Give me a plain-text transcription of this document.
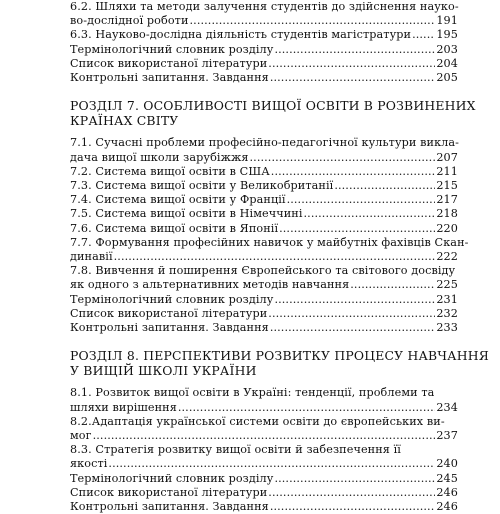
6.2. Шляхи та методи залучення студентів до здійснення науко-
во-дослідної роботи .....	191
6.3. Науково-дослідна діяльність студентів магістратури ..... 195
Термінологічний словник розділу .....	203
Список використаної літератури .....	204
Контрольні запитання. Завдання .....	205
РОЗДІЛ 7. ОСОБЛИВОСТІ ВИЩОЇ ОСВІТИ В РОЗВИНЕНИХ
КРАЇНАХ СВІТУ
7.1. Сучасні проблеми професійно-педагогічної культури виклa-
дача вищої школи зарубіжжя .....	207
7.2. Система вищої освіти в США .....	211
7.3. Система вищої освіти у Великобританії .....	215
7.4. Система вищої освіти у Франції .....	217
7.5. Система вищої освіти в Німеччині .....	218
7.6. Система вищої освіти в Японії .....	220
7.7. Формування професійних навичок у майбутніх фахівців Скан-
динавії .....	222
7.8. Вивчення й поширення Європейського та світового досвіду
як одного з альтернативних методів навчання .....	225
Термінологічний словник розділу .....	231
Список використаної літератури .....	232
Контрольні запитання. Завдання .....	233
РОЗДІЛ 8. ПЕРСПЕКТИВИ РОЗВИТКУ ПРОЦЕСУ НАВЧАННЯ
У ВИЩІЙ ШКОЛІ УКРАЇНИ
8.1. Розвиток вищої освіти в Україні: тенденції, проблеми та
шляхи вирішення .....	234
8.2.Адаптація української системи освіти до європейських ви-
мог .....	237
8.3. Стратегія розвитку вищої освіти й забезпечення її
якості .....	240
Термінологічний словник розділу .....	245
Список використаної літератури .....	246
Контрольні запитання. Завдання .....	246
